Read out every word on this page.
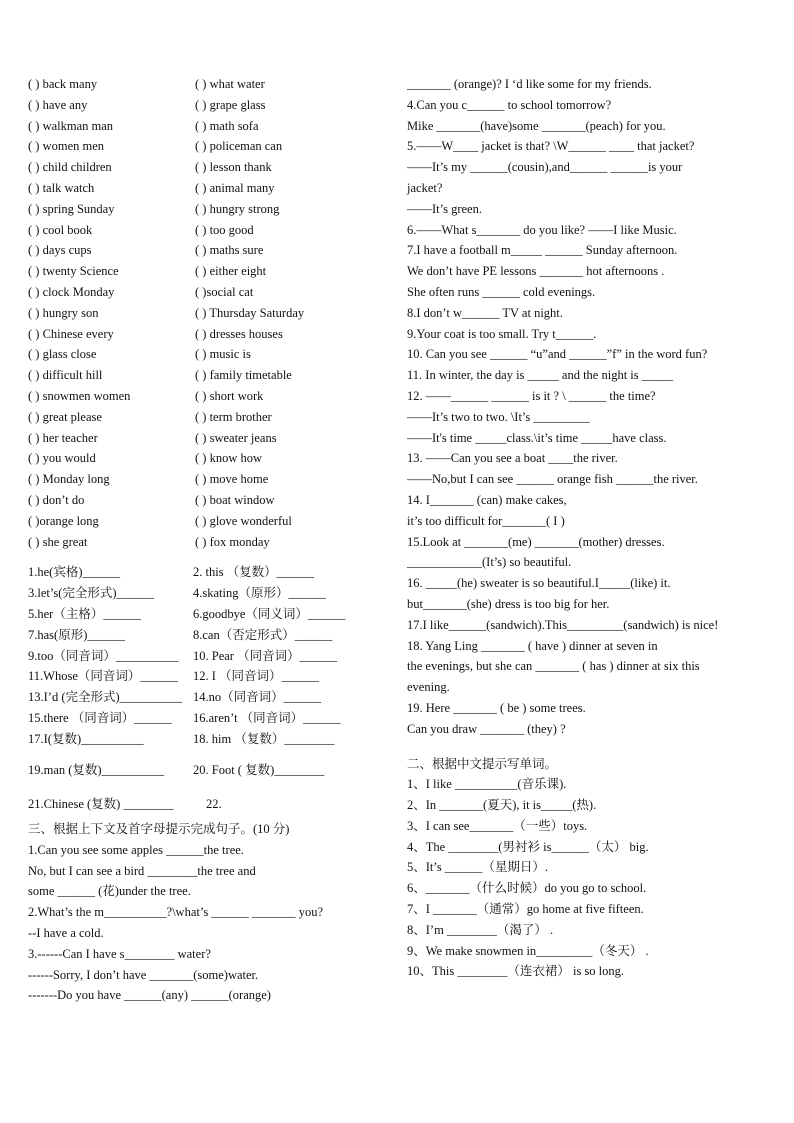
( ) back many	( ) what water
( ) have any	( ) grape glass
( ) walkman man	( ) math sofa
( ) women men	( ) policeman can
( ) child children	( ) lesson thank
( ) talk watch	( ) animal many
( ) spring Sunday	( ) hungry strong
( ) cool book	( ) too good
( ) days cups	( ) maths sure
( ) twenty Science	( ) either eight
( ) clock Monday	( )social cat
( ) hungry son	( ) Thursday Saturday
( ) Chinese every	( ) dresses houses
( ) glass close	( ) music is
( ) difficult hill	( ) family timetable
( ) snowmen women	( ) short work
( ) great please	( ) term brother
( ) her teacher	( ) sweater jeans
( ) you would	( ) know how
( ) Monday long	( ) move home
( ) don’t do	( ) boat window
( )orange long	( ) glove wonderful
( ) she great	( ) fox monday
1.he(宾格)______	2. this （复数）______
3.let’s(完全形式)______	4.skating（原形）______
5.her（主格）______	6.goodbye（同义词）______
7.has(原形)______	8.can（否定形式）______
9.too（同音词）__________ 10. Pear （同音词）______
11.Whose（同音词）______ 12. I （同音词）______
13.I’d (完全形式)__________ 14.no（同音词）______
15.there （同音词）______ 16.aren’t （同音词）______
17.I(复数)__________	18. him （复数）________
19.man (复数)__________ 20. Foot ( 复数)________
21.Chinese (复数) ________	22.
三、根据上下文及首字母提示完成句子。(10 分)
1.Can you see some apples ______the tree.
No, but I can see a bird ________the tree and
some ______ (花)under the tree.
2.What’s the m__________?\what’s ______ _______ you?
--I have a cold.
3.------Can I have s________ water?
------Sorry, I don’t have _______(some)water.
-------Do you have ______(any) ______(orange)
_______ (orange)? I ‘d like some for my friends.
4.Can you c______ to school tomorrow?
Mike _______(have)some _______(peach) for you.
5.——W____ jacket is that? \W______ ____ that jacket?
——It’s my ______(cousin),and______ ______is your
jacket?
——It’s green.
6.——What s_______ do you like? ——I like Music.
7.I have a football m_____ ______ Sunday afternoon.
We don’t have PE lessons _______ hot afternoons .
She often runs ______ cold evenings.
8.I don’t w______ TV at night.
9.Your coat is too small. Try t______.
10. Can you see ______ “u”and ______”f” in the word fun?
11. In winter, the day is _____ and the night is _____
12. ——______ ______ is it ? \ ______ the time?
——It’s two to two. \It’s _________
——It's time _____class.\it’s time _____have class.
13. ——Can you see a boat ____the river.
——No,but I can see ______ orange fish ______the river.
14. I_______ (can) make cakes,
it’s too difficult for_______( I )
15.Look at _______(me) _______(mother) dresses.
____________(It’s) so beautiful.
16. _____(he) sweater is so beautiful.I_____(like) it.
but_______(she) dress is too big for her.
17.I like______(sandwich).This_________(sandwich) is nice!
18. Yang Ling _______ ( have ) dinner at seven in
the evenings, but she can _______ ( has ) dinner at six this
evening.
19. Here _______ ( be ) some trees.
Can you draw _______ (they) ?
二、根据中文提示写单词。
1、I like __________(音乐课).
2、In _______(夏天), it is_____(热).
3、I can see_______（一些）toys.
4、The ________(男衬衫 is______（太） big.
5、It’s ______（星期日）.
6、_______（什么时候）do you go to school.
7、I _______（通常）go home at five fifteen.
8、I’m ________（渴了） .
9、We make snowmen in_________（冬天） .
10、This ________（连衣裙） is so long.
